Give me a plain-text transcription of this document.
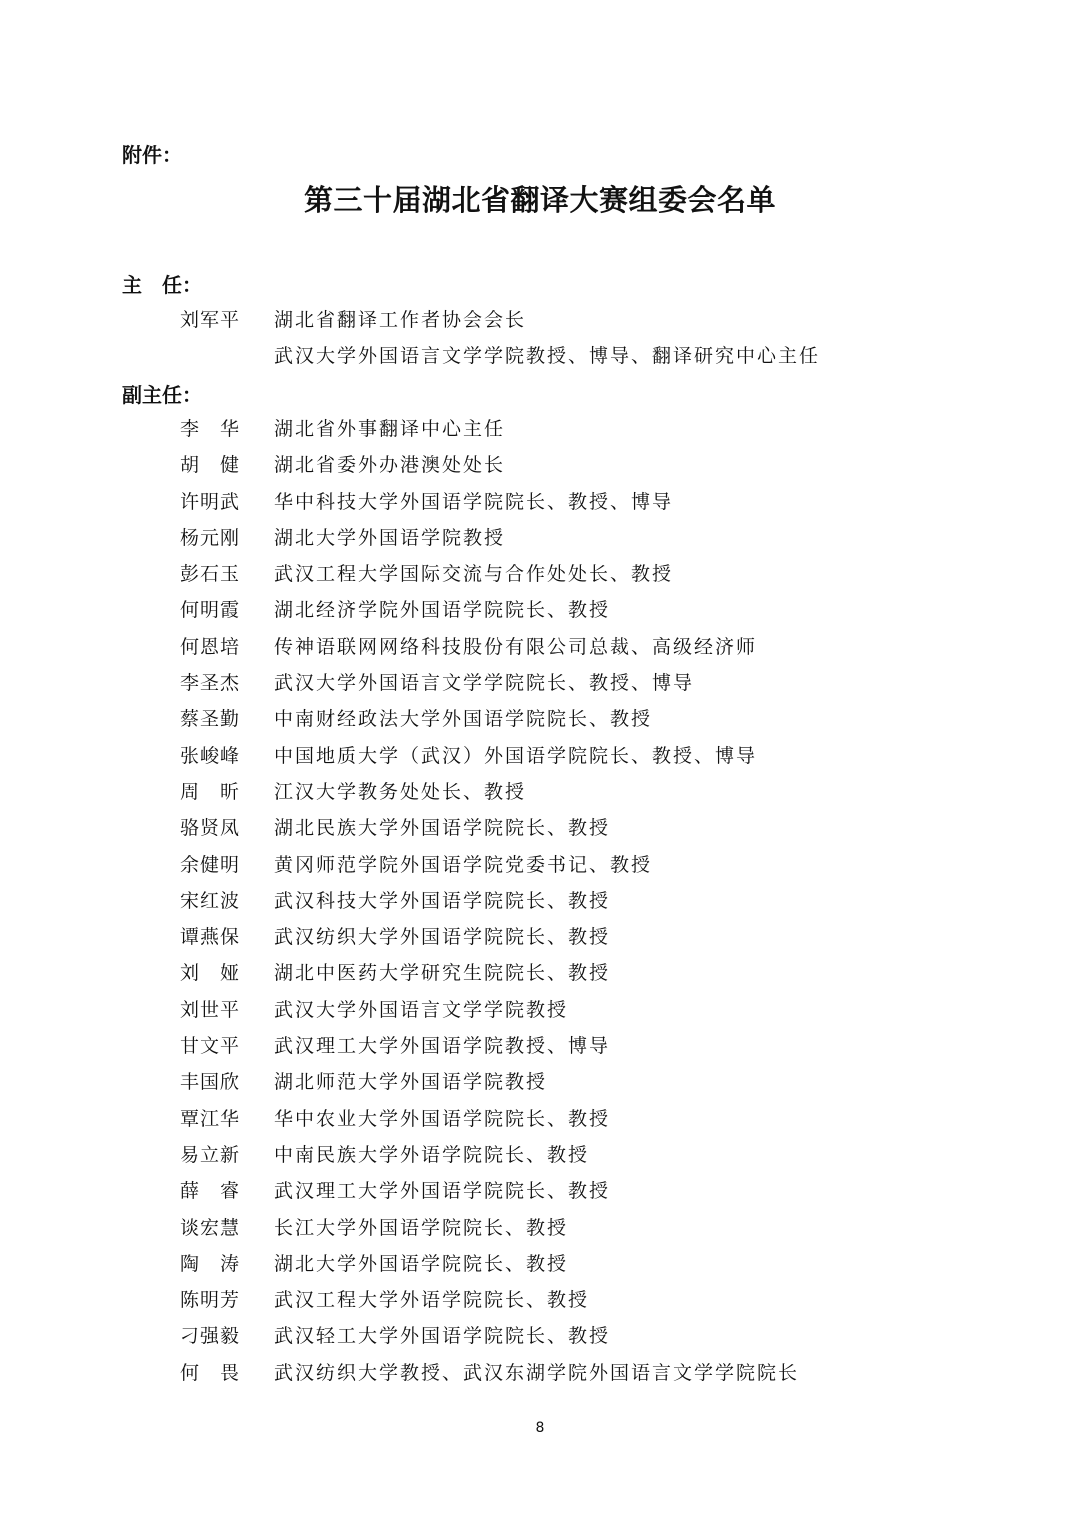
附件：
第三十届湖北省翻译大赛组委会名单
主　任：
刘军平	湖北省翻译工作者协会会长
武汉大学外国语言文学学院教授、博导、翻译研究中心主任
副主任：
李　华	湖北省外事翻译中心主任
胡　健	湖北省委外办港澳处处长
许明武	华中科技大学外国语学院院长、教授、博导
杨元刚	湖北大学外国语学院教授
彭石玉	武汉工程大学国际交流与合作处处长、教授
何明霞	湖北经济学院外国语学院院长、教授
何恩培	传神语联网网络科技股份有限公司总裁、高级经济师
李圣杰	武汉大学外国语言文学学院院长、教授、博导
蔡圣勤	中南财经政法大学外国语学院院长、教授
张峻峰	中国地质大学（武汉）外国语学院院长、教授、博导
周　昕	江汉大学教务处处长、教授
骆贤凤	湖北民族大学外国语学院院长、教授
余健明	黄冈师范学院外国语学院党委书记、教授
宋红波	武汉科技大学外国语学院院长、教授
谭燕保	武汉纺织大学外国语学院院长、教授
刘　娅	湖北中医药大学研究生院院长、教授
刘世平	武汉大学外国语言文学学院教授
甘文平	武汉理工大学外国语学院教授、博导
丰国欣	湖北师范大学外国语学院教授
覃江华	华中农业大学外国语学院院长、教授
易立新	中南民族大学外语学院院长、教授
薛　睿	武汉理工大学外国语学院院长、教授
谈宏慧	长江大学外国语学院院长、教授
陶　涛	湖北大学外国语学院院长、教授
陈明芳	武汉工程大学外语学院院长、教授
刁强毅	武汉轻工大学外国语学院院长、教授
何　畏	武汉纺织大学教授、武汉东湖学院外国语言文学学院院长
8
